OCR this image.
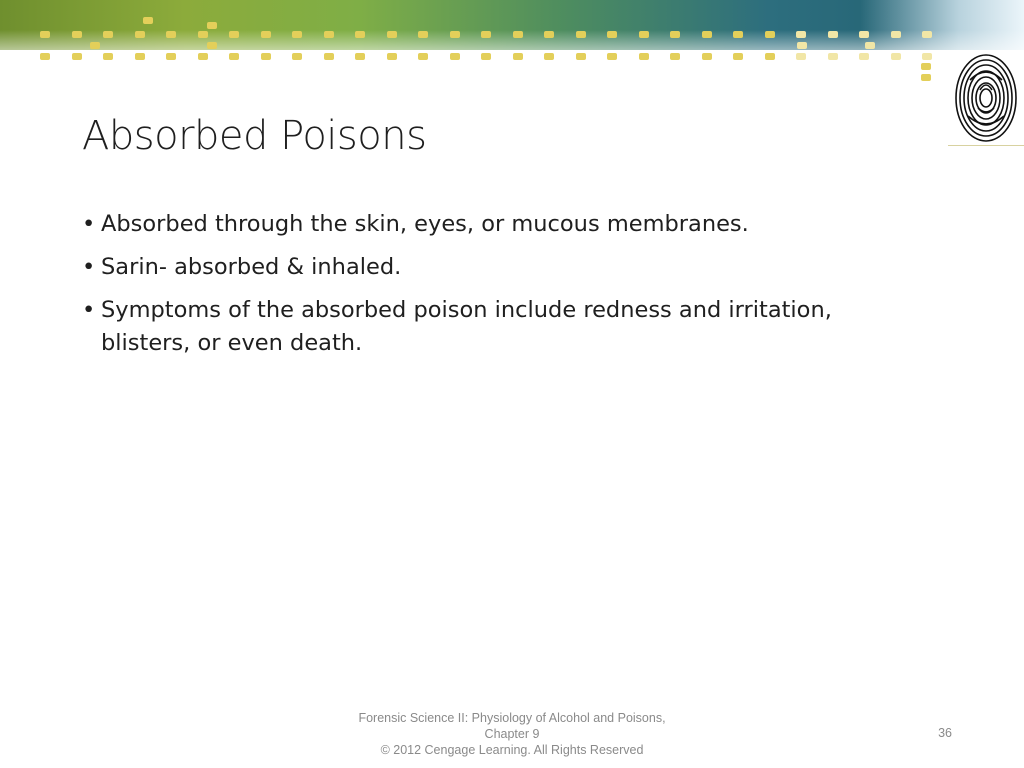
Absorbed Poisons
• Absorbed through the skin, eyes, or mucous membranes.
• Sarin- absorbed & inhaled.
• Symptoms of the absorbed poison include redness and irritation, blisters, or even death.
Forensic Science II: Physiology of Alcohol and Poisons,
Chapter 9
© 2012 Cengage Learning. All Rights Reserved
36
